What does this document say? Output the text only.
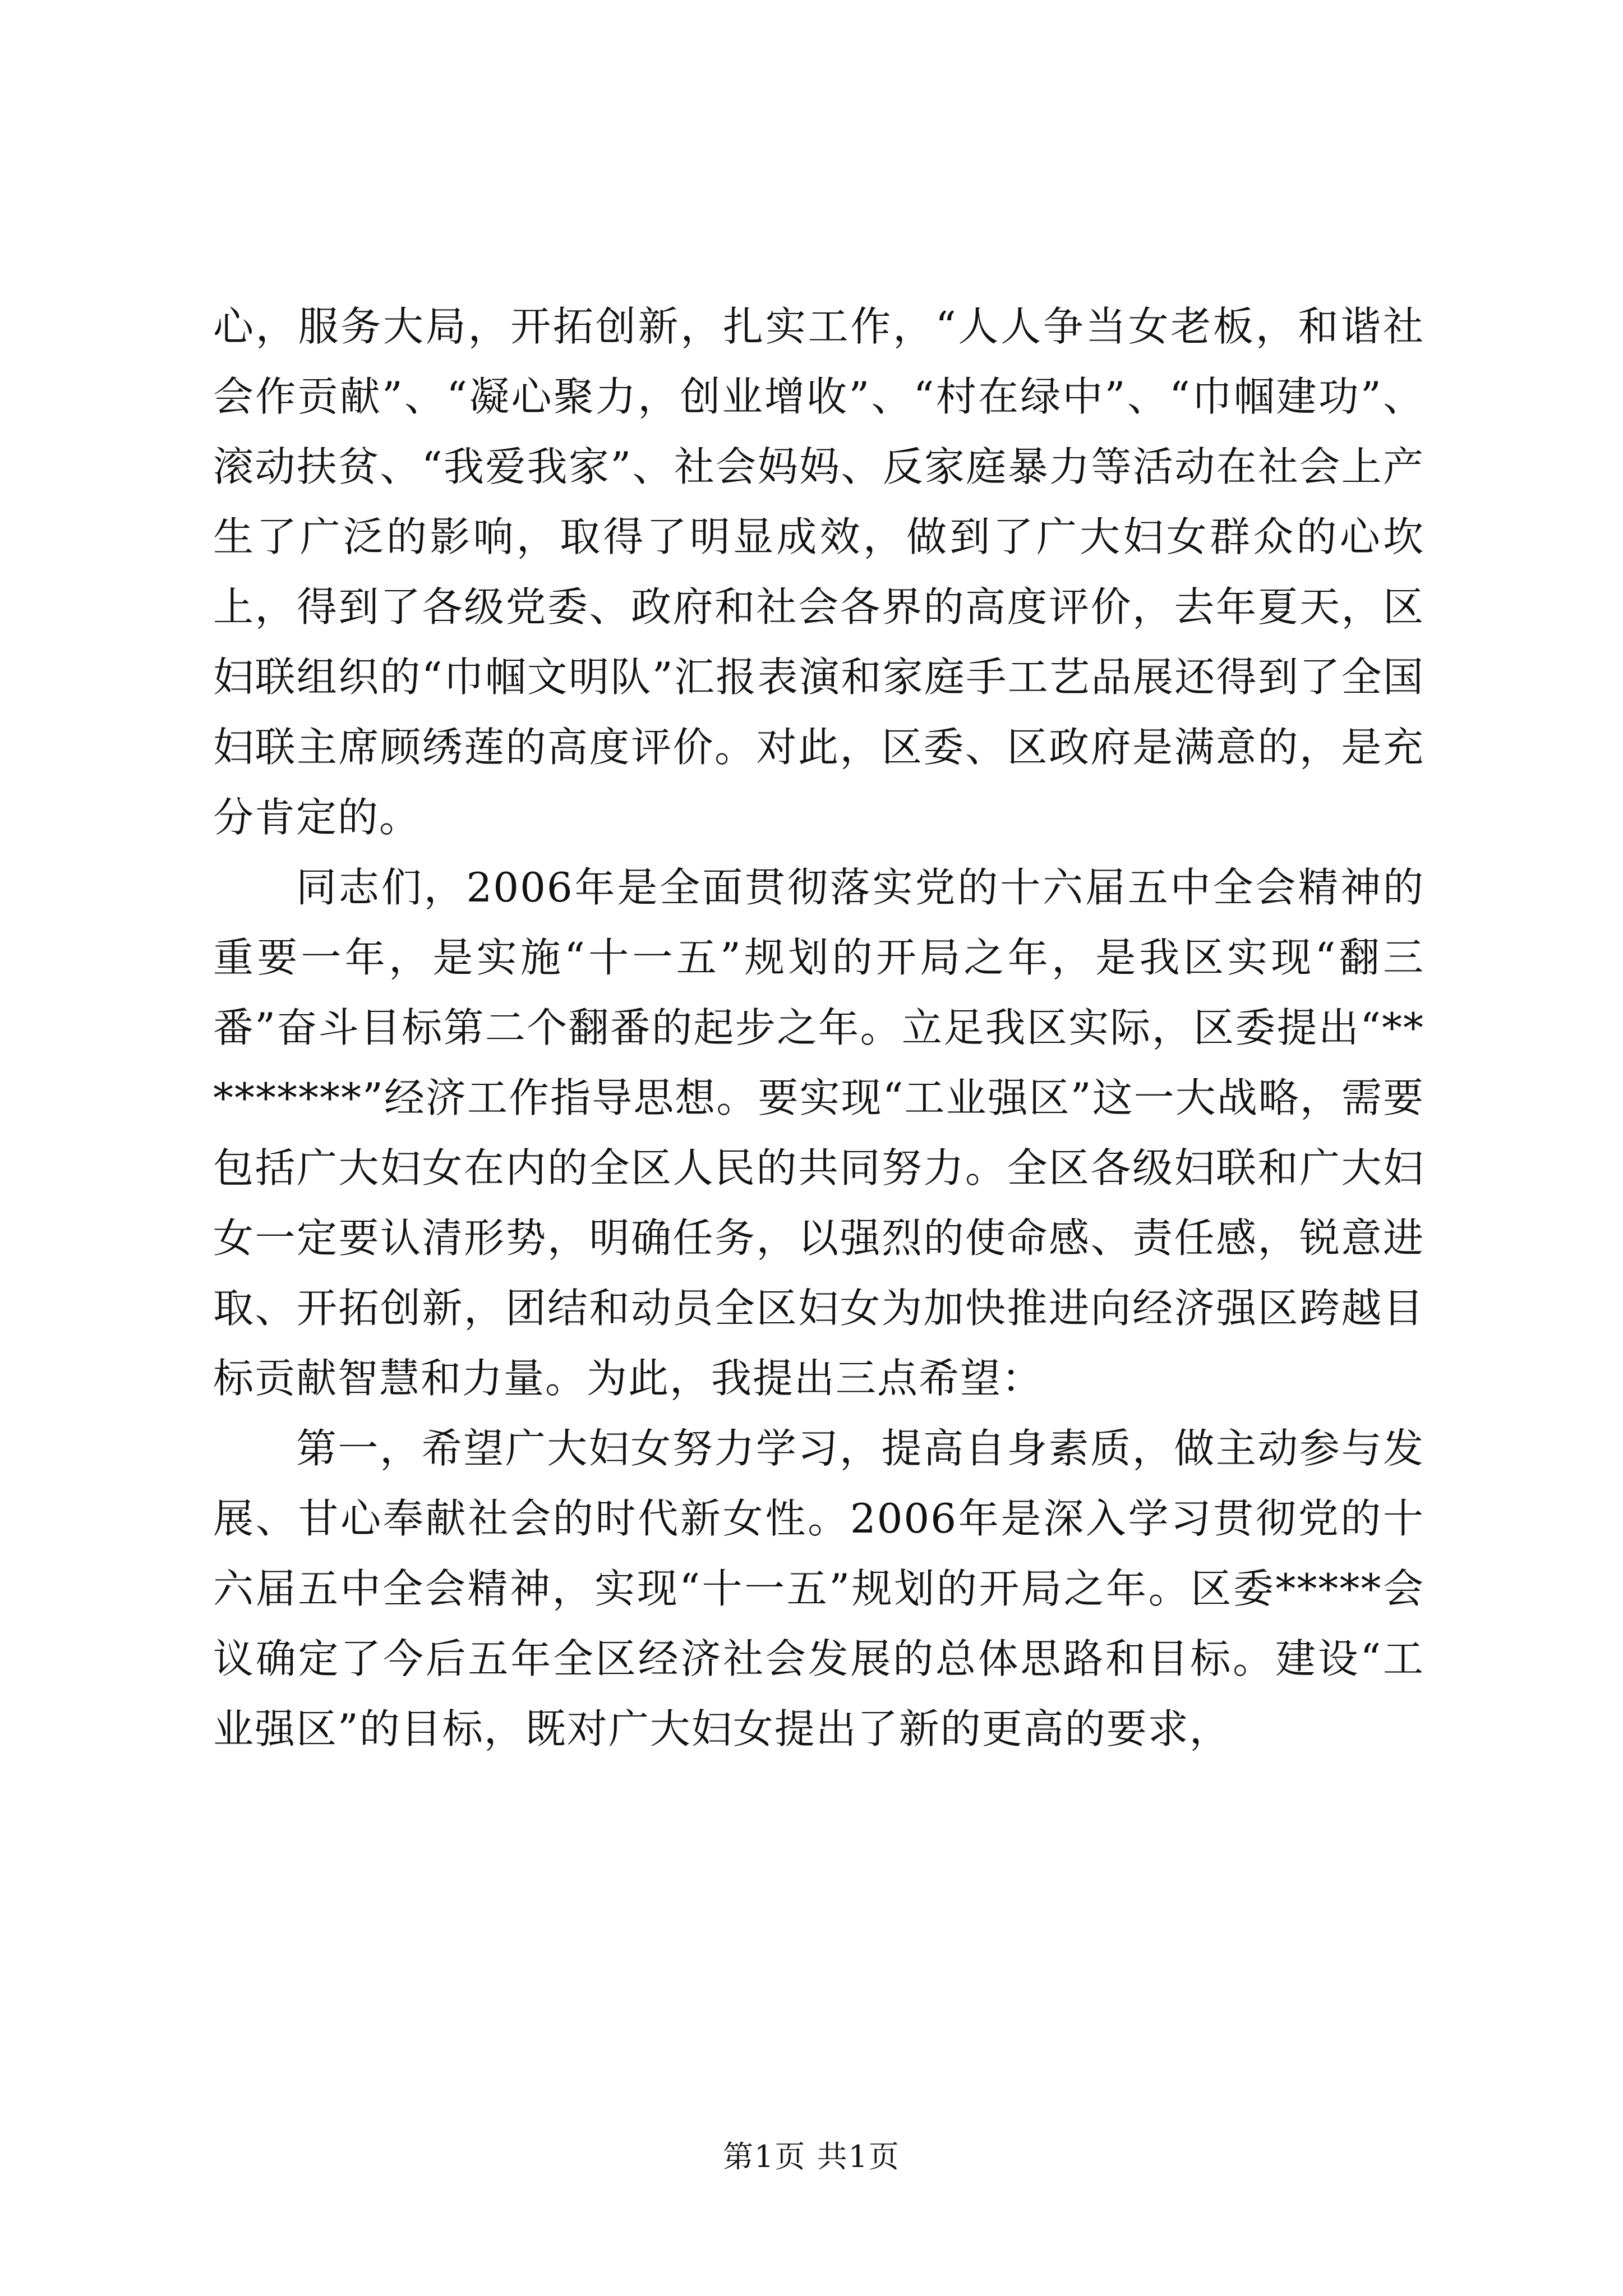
心，服务大局，开拓创新，扎实工作，“人人争当女老板，和谐社会作贡献”、“凝心聚力，创业增收”、“村在绿中”、“巾帼建功”、滚动扶贫、“我爱我家”、社会妈妈、反家庭暴力等活动在社会上产生了广泛的影响，取得了明显成效，做到了广大妇女群众的心坎上，得到了各级党委、政府和社会各界的高度评价，去年夏天，区妇联组织的“巾帼文明队”汇报表演和家庭手工艺品展还得到了全国妇联主席顾绣莲的高度评价。对此，区委、区政府是满意的，是充分肯定的。

同志们，2006年是全面贯彻落实党的十六届五中全会精神的重要一年，是实施“十一五”规划的开局之年，是我区实现“翻三番”奋斗目标第二个翻番的起步之年。立足我区实际，区委提出“*********”经济工作指导思想。要实现“工业强区”这一大战略，需要包括广大妇女在内的全区人民的共同努力。全区各级妇联和广大妇女一定要认清形势，明确任务，以强烈的使命感、责任感，锐意进取、开拓创新，团结和动员全区妇女为加快推进向经济强区跨越目标贡献智慧和力量。为此，我提出三点希望：

第一，希望广大妇女努力学习，提高自身素质，做主动参与发展、甘心奉献社会的时代新女性。2006年是深入学习贯彻党的十六届五中全会精神，实现“十一五”规划的开局之年。区委*****会议确定了今后五年全区经济社会发展的总体思路和目标。建设“工业强区”的目标，既对广大妇女提出了新的更高的要求，

第1页 共1页
